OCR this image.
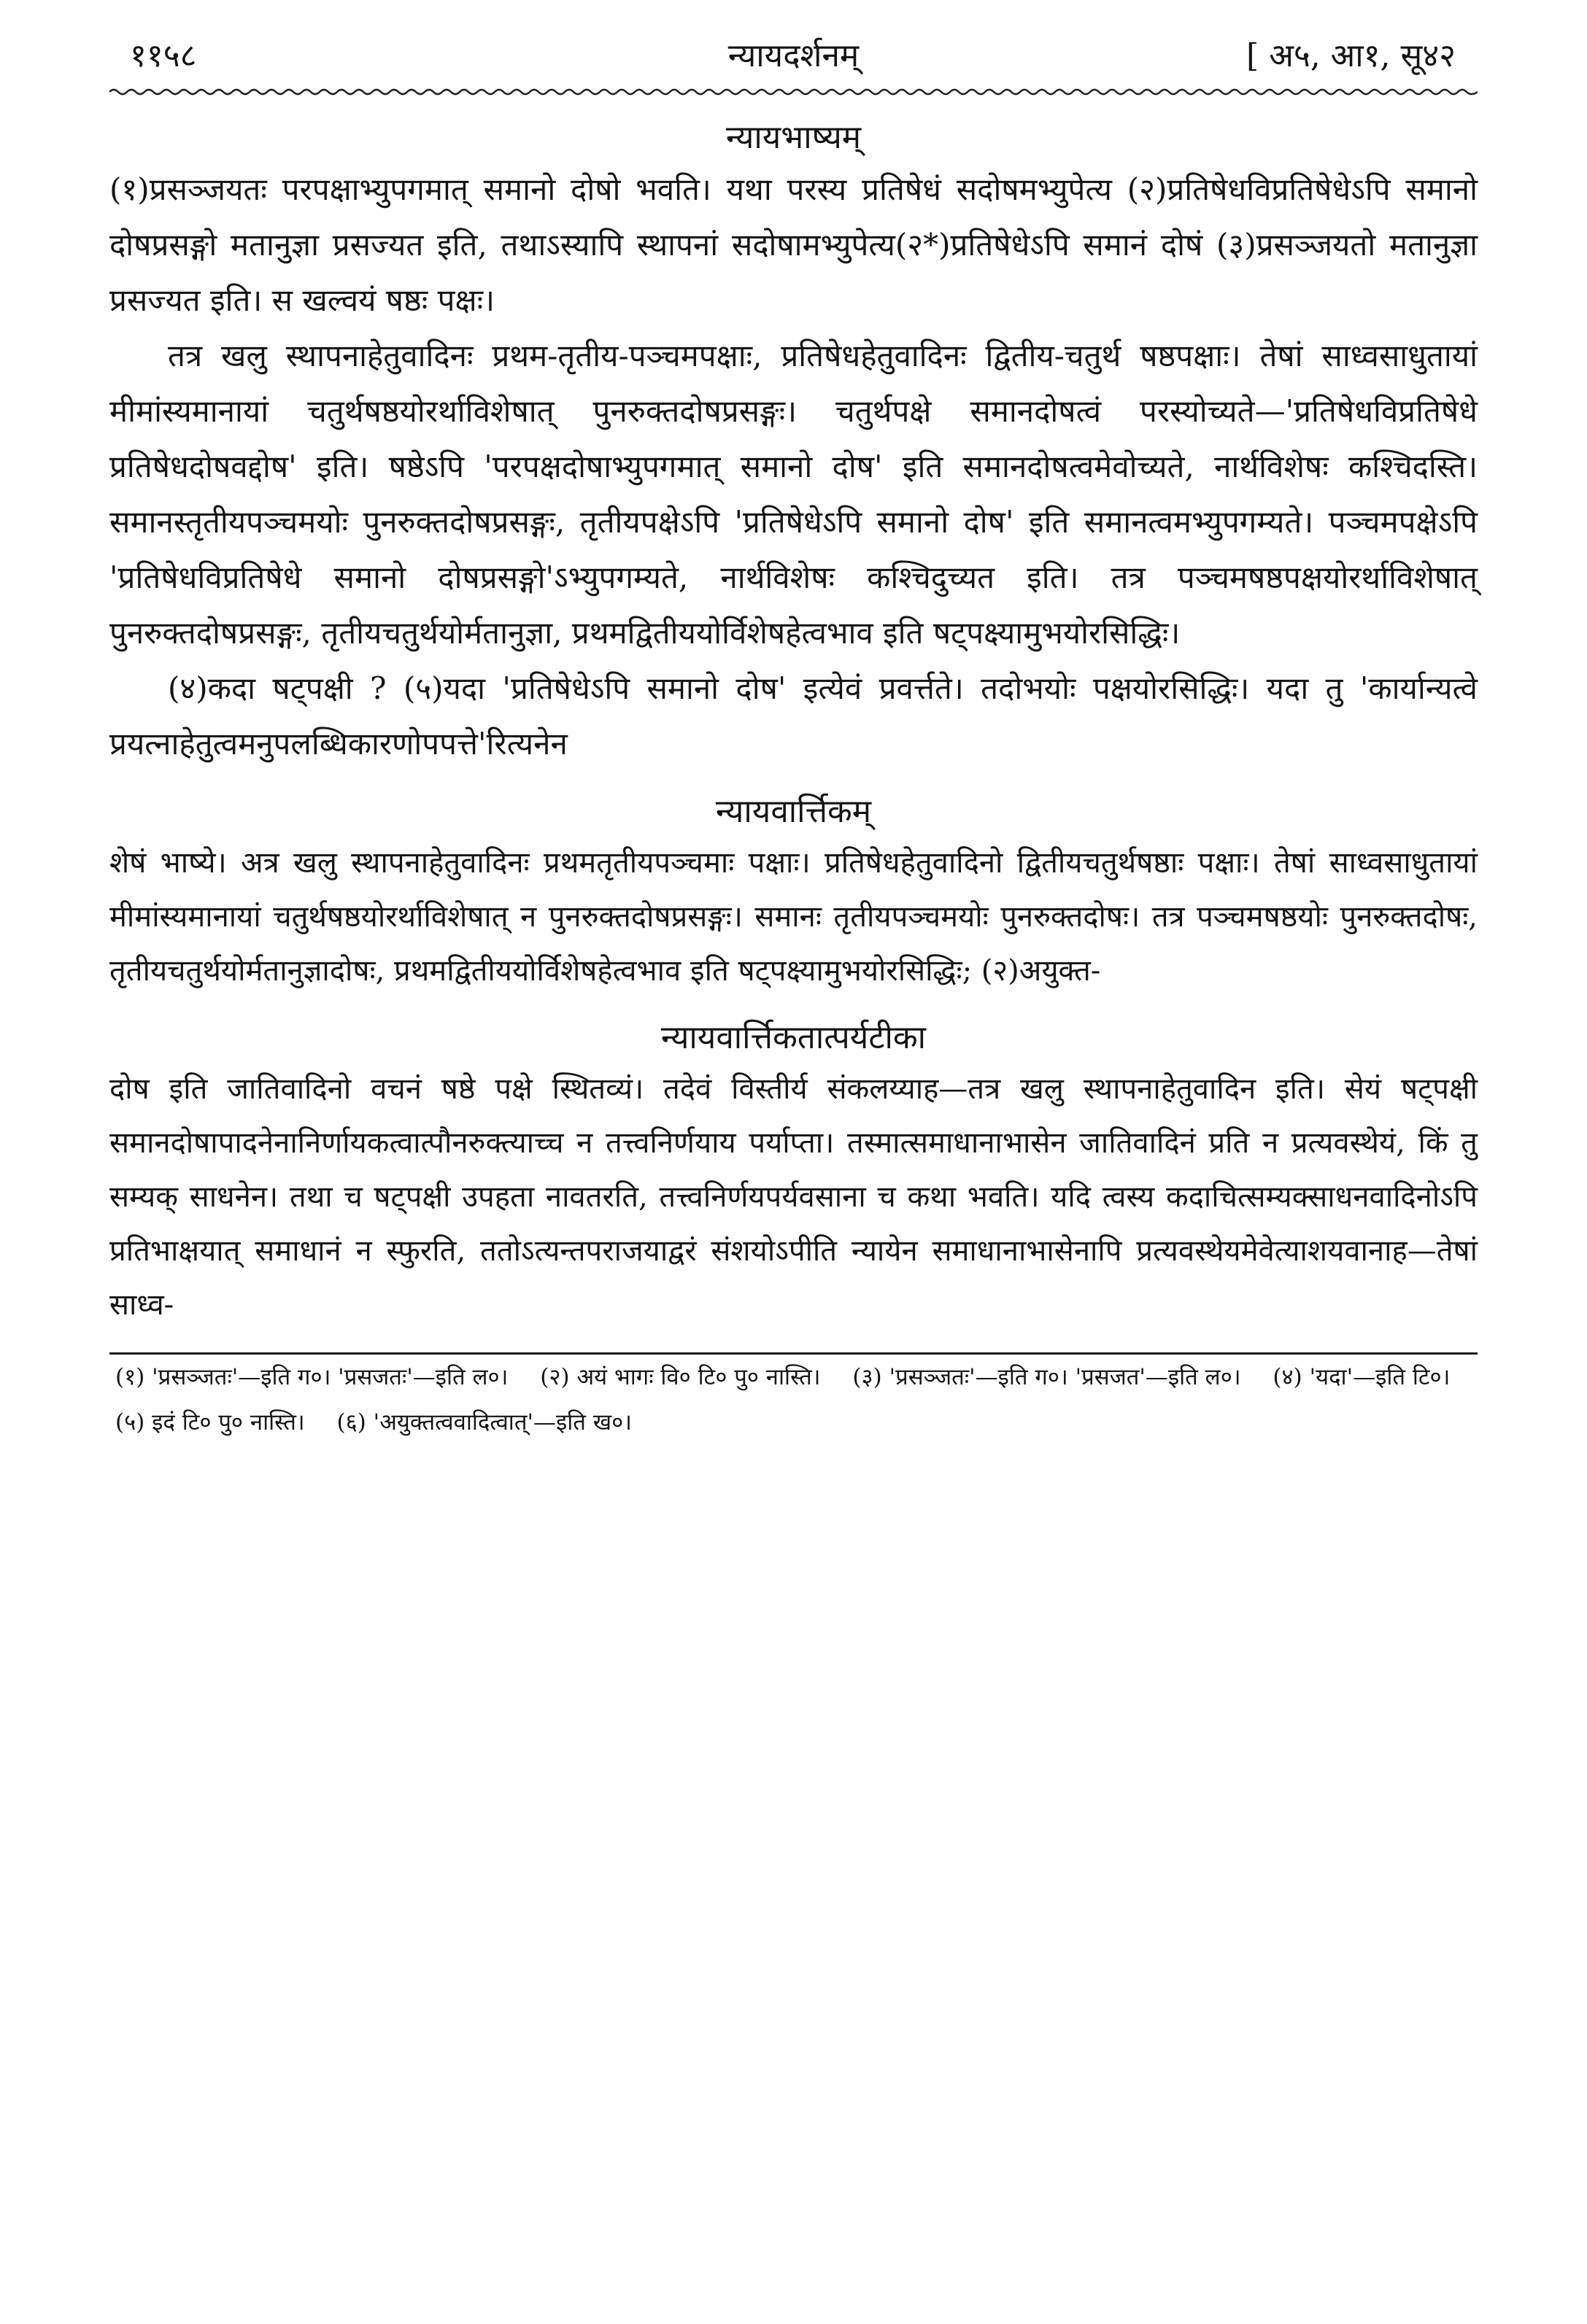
११५८	न्यायदर्शनम्	[ अ५, आ१, सू४२
न्यायभाष्यम्

(१)प्रसञ्जयतः परपक्षाभ्युपगमात् समानो दोषो भवति। यथा परस्य प्रतिषेधं सदोषमभ्युपेत्य (२)प्रतिषेधविप्रतिषेधेऽपि समानो दोषप्रसङ्गो मतानुज्ञा प्रसज्यत इति, तथाऽस्यापि स्थापनां सदोषामभ्युपेत्य(२*)प्रतिषेधेऽपि समानं दोषं (३)प्रसञ्जयतो मतानुज्ञा प्रसज्यत इति। स खल्वयं षष्ठः पक्षः।

तत्र खलु स्थापनाहेतुवादिनः प्रथम-तृतीय-पञ्चमपक्षाः, प्रतिषेधहेतुवादिनः द्वितीय-चतुर्थ षष्ठपक्षाः। तेषां साध्वसाधुतायां मीमांस्यमानायां चतुर्थषष्ठयोरर्थाविशेषात् पुनरुक्तदोषप्रसङ्गः। चतुर्थपक्षे समानदोषत्वं परस्योच्यते—'प्रतिषेधविप्रतिषेधे प्रतिषेधदोषवद्दोष' इति। षष्ठेऽपि 'परपक्षदोषाभ्युपगमात् समानो दोष' इति समानदोषत्वमेवोच्यते, नार्थविशेषः कश्चिदस्ति। समानस्तृतीयपञ्चमयोः पुनरुक्तदोषप्रसङ्गः, तृतीयपक्षेऽपि 'प्रतिषेधेऽपि समानो दोष' इति समानत्वमभ्युपगम्यते। पञ्चमपक्षेऽपि 'प्रतिषेधविप्रतिषेधे समानो दोषप्रसङ्गो'ऽभ्युपगम्यते, नार्थविशेषः कश्चिदुच्यत इति। तत्र पञ्चमषष्ठपक्षयोरर्थाविशेषात् पुनरुक्तदोषप्रसङ्गः, तृतीयचतुर्थयोर्मतानुज्ञा, प्रथमद्वितीययोर्विशेषहेत्वभाव इति षट्पक्ष्यामुभयोरसिद्धिः।

(४)कदा षट्पक्षी ? (५)यदा 'प्रतिषेधेऽपि समानो दोष' इत्येवं प्रवर्त्तते। तदोभयोः पक्षयोरसिद्धिः। यदा तु 'कार्यान्यत्वे प्रयत्नाहेतुत्वमनुपलब्धिकारणोपपत्ते'रित्यनेन

न्यायवार्त्तिकम्

शेषं भाष्ये। अत्र खलु स्थापनाहेतुवादिनः प्रथमतृतीयपञ्चमाः पक्षाः। प्रतिषेधहेतुवादिनो द्वितीयचतुर्थषष्ठाः पक्षाः। तेषां साध्वसाधुतायां मीमांस्यमानायां चतुर्थषष्ठयोरर्थाविशेषात् न पुनरुक्तदोषप्रसङ्गः। समानः तृतीयपञ्चमयोः पुनरुक्तदोषः। तत्र पञ्चमषष्ठयोः पुनरुक्तदोषः, तृतीयचतुर्थयोर्मतानुज्ञादोषः, प्रथमद्वितीययोर्विशेषहेत्वभाव इति षट्पक्ष्यामुभयोरसिद्धिः; (२)अयुक्त-

न्यायवार्त्तिकतात्पर्यटीका

दोष इति जातिवादिनो वचनं षष्ठे पक्षे स्थितव्यं। तदेवं विस्तीर्य संकलय्याह—तत्र खलु स्थापनाहेतुवादिन इति। सेयं षट्पक्षी समानदोषापादनेनानिर्णायकत्वात्पौनरुक्त्याच्च न तत्त्वनिर्णयाय पर्याप्ता। तस्मात्समाधानाभासेन जातिवादिनं प्रति न प्रत्यवस्थेयं, किं तु सम्यक् साधनेन। तथा च षट्पक्षी उपहता नावतरति, तत्त्वनिर्णयपर्यवसाना च कथा भवति। यदि त्वस्य कदाचित्सम्यक्साधनवादिनोऽपि प्रतिभाक्षयात् समाधानं न स्फुरति, ततोऽत्यन्तपराजयाद्वरं संशयोऽपीति न्यायेन समाधानाभासेनापि प्रत्यवस्थेयमेवेत्याशयवानाह—तेषां साध्व-

(१) 'प्रसञ्जतः'—इति ग०। 'प्रसजतः'—इति ल०। (२) अयं भागः वि० टि० पु० नास्ति। (३) 'प्रसञ्जतः'—इति ग०। 'प्रसजत'—इति ल०। (४) 'यदा'—इति टि०। (५) इदं टि० पु० नास्ति। (६) 'अयुक्तत्ववादित्वात्'—इति ख०।
